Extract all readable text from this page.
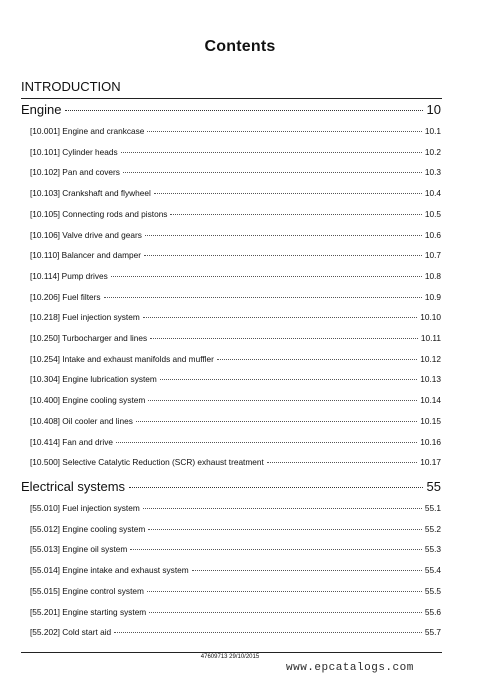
Contents
INTRODUCTION
Engine	10
[10.001] Engine and crankcase	10.1
[10.101] Cylinder heads	10.2
[10.102] Pan and covers	10.3
[10.103] Crankshaft and flywheel	10.4
[10.105] Connecting rods and pistons	10.5
[10.106] Valve drive and gears	10.6
[10.110] Balancer and damper	10.7
[10.114] Pump drives	10.8
[10.206] Fuel filters	10.9
[10.218] Fuel injection system	10.10
[10.250] Turbocharger and lines	10.11
[10.254] Intake and exhaust manifolds and muffler	10.12
[10.304] Engine lubrication system	10.13
[10.400] Engine cooling system	10.14
[10.408] Oil cooler and lines	10.15
[10.414] Fan and drive	10.16
[10.500] Selective Catalytic Reduction (SCR) exhaust treatment	10.17
Electrical systems	55
[55.010] Fuel injection system	55.1
[55.012] Engine cooling system	55.2
[55.013] Engine oil system	55.3
[55.014] Engine intake and exhaust system	55.4
[55.015] Engine control system	55.5
[55.201] Engine starting system	55.6
[55.202] Cold start aid	55.7
47609713 29/10/2015
www.epcatalogs.com
